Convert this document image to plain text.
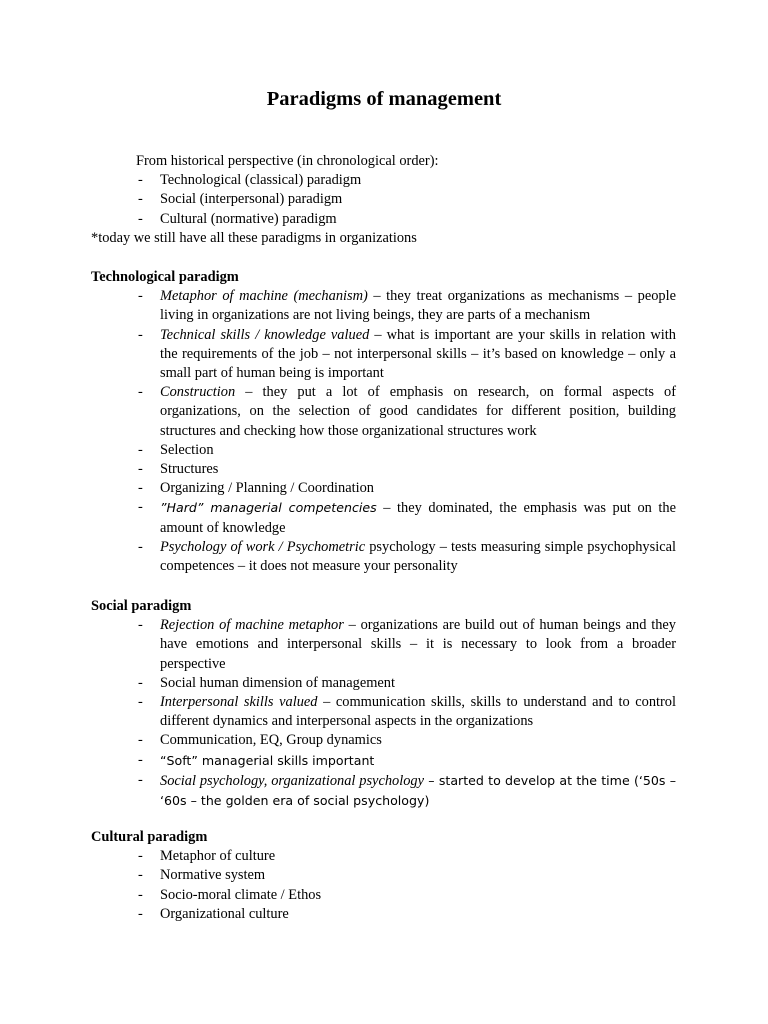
Paradigms of management
From historical perspective (in chronological order):
- Technological (classical) paradigm
- Social (interpersonal) paradigm
- Cultural (normative) paradigm
*today we still have all these paradigms in organizations
Technological paradigm
- Metaphor of machine (mechanism) – they treat organizations as mechanisms – people living in organizations are not living beings, they are parts of a mechanism
- Technical skills / knowledge valued – what is important are your skills in relation with the requirements of the job – not interpersonal skills – it’s based on knowledge – only a small part of human being is important
- Construction – they put a lot of emphasis on research, on formal aspects of organizations, on the selection of good candidates for different position, building structures and checking how those organizational structures work
- Selection
- Structures
- Organizing / Planning / Coordination
- ”Hard” managerial competencies – they dominated, the emphasis was put on the amount of knowledge
- Psychology of work / Psychometric psychology – tests measuring simple psychophysical competences – it does not measure your personality
Social paradigm
- Rejection of machine metaphor – organizations are build out of human beings and they have emotions and interpersonal skills – it is necessary to look from a broader perspective
- Social human dimension of management
- Interpersonal skills valued – communication skills, skills to understand and to control different dynamics and interpersonal aspects in the organizations
- Communication, EQ, Group dynamics
- “Soft” managerial skills important
- Social psychology, organizational psychology – started to develop at the time (‘50s – ‘60s – the golden era of social psychology)
Cultural paradigm
- Metaphor of culture
- Normative system
- Socio-moral climate / Ethos
- Organizational culture
